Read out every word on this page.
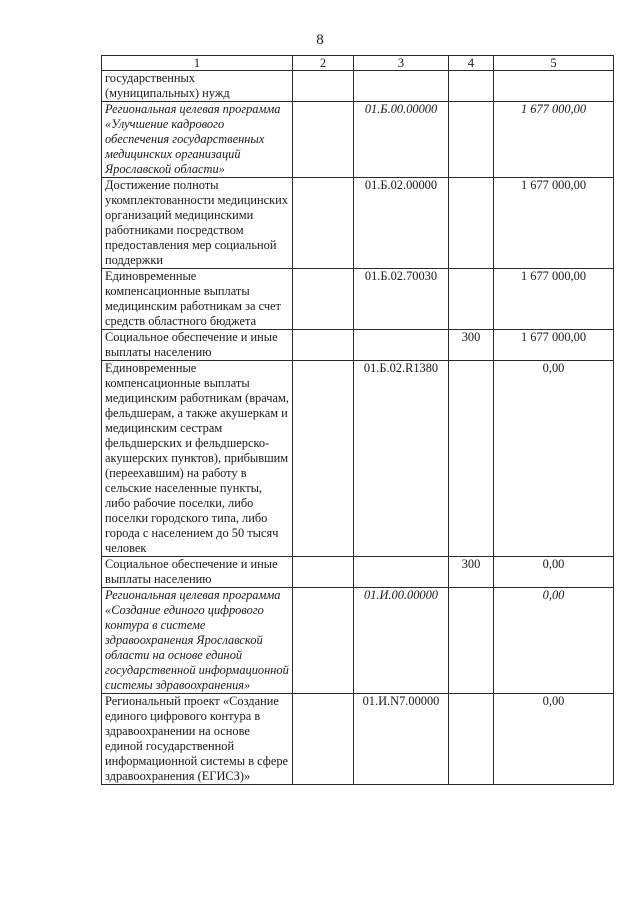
8
1	2	3	4	5
государственных (муниципальных) нужд				
Региональная целевая программа «Улучшение кадрового обеспечения государственных медицинских организаций Ярославской области»		01.Б.00.00000		1 677 000,00
Достижение полноты укомплектованности медицинских организаций медицинскими работниками посредством предоставления мер социальной поддержки		01.Б.02.00000		1 677 000,00
Единовременные компенсационные выплаты медицинским работникам за счет средств областного бюджета		01.Б.02.70030		1 677 000,00
Социальное обеспечение и иные выплаты населению			300	1 677 000,00
Единовременные компенсационные выплаты медицинским работникам (врачам, фельдшерам, а также акушеркам и медицинским сестрам фельдшерских и фельдшерско-акушерских пунктов), прибывшим (переехавшим) на работу в сельские населенные пункты, либо рабочие поселки, либо поселки городского типа, либо города с населением до 50 тысяч человек		01.Б.02.R1380		0,00
Социальное обеспечение и иные выплаты населению			300	0,00
Региональная целевая программа «Создание единого цифрового контура в системе здравоохранения Ярославской области на основе единой государственной информационной системы здравоохранения»		01.И.00.00000		0,00
Региональный проект «Создание единого цифрового контура в здравоохранении на основе единой государственной информационной системы в сфере здравоохранения (ЕГИСЗ)»		01.И.N7.00000		0,00
